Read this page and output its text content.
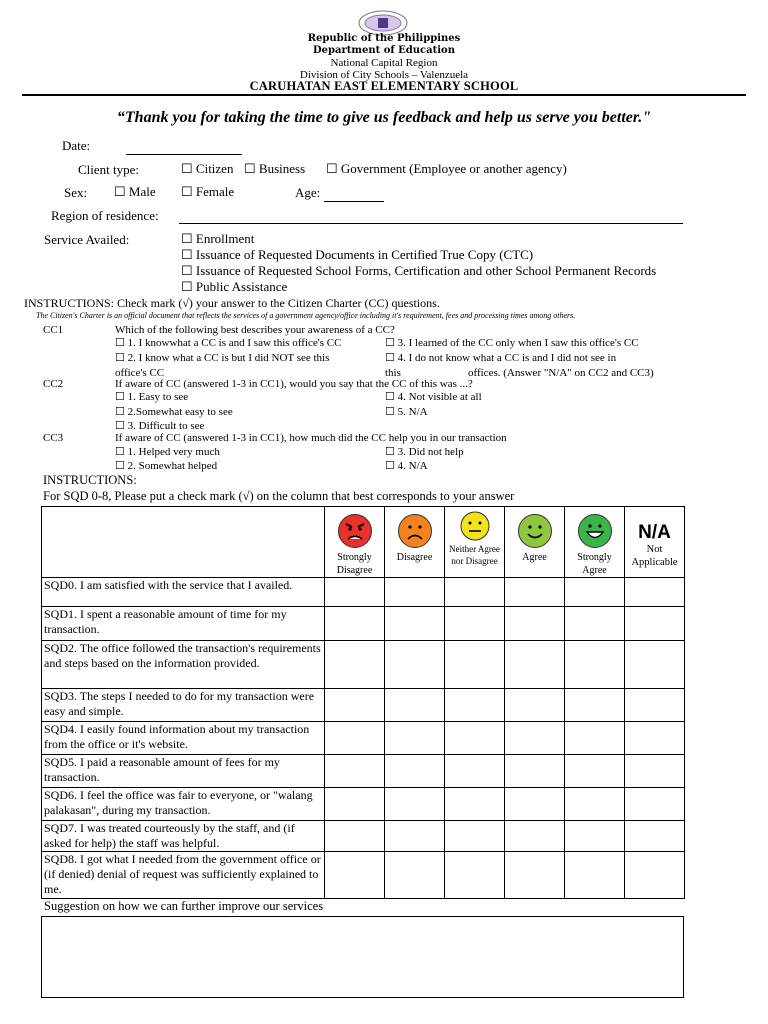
Republic of the Philippines
Department of Education
National Capital Region
Division of City Schools – Valenzuela
CARUHATAN EAST ELEMENTARY SCHOOL
“Thank you for taking the time to give us feedback and help us serve you better."
Date:
Client type:	☐ Citizen ☐ Business ☐ Government (Employee or another agency)
Sex: ☐ Male ☐ Female	Age:
Region of residence:
Service Availed:	☐ Enrollment
☐ Issuance of Requested Documents in Certified True Copy (CTC)
☐ Issuance of Requested School Forms, Certification and other School Permanent Records
☐ Public Assistance
INSTRUCTIONS: Check mark (√) your answer to the Citizen Charter (CC) questions.
The Citizen's Charter is an official document that reflects the services of a government agency/office including it's requirement, fees and processing times among others.
CC1	Which of the following best describes your awareness of a CC?
☐ 1. I knowwhat a CC is and I saw this office's CC	☐ 3. I learned of the CC only when I saw this office's CC
☐ 2. I know what a CC is but I did NOT see this	☐ 4. I do not know what a CC is and I did not see in
office's CC	this	offices. (Answer "N/A" on CC2 and CC3)
CC2	If aware of CC (answered 1-3 in CC1), would you say that the CC of this was ...?
☐ 1. Easy to see	☐ 4. Not visible at all
☐ 2.Somewhat easy to see	☐ 5. N/A
☐ 3. Difficult to see
CC3	If aware of CC (answered 1-3 in CC1), how much did the CC help you in our transaction
☐ 1. Helped very much	☐ 3. Did not help
☐ 2. Somewhat helped	☐ 4. N/A
INSTRUCTIONS:
For SQD 0-8, Please put a check mark (√) on the column that best corresponds to your answer

	Strongly Disagree	Disagree	Neither Agree nor Disagree	Agree	Strongly Agree	N/A
Not Applicable

SQD0. I am satisfied with the service that I availed.						
SQD1. I spent a reasonable amount of time for my transaction.						
SQD2. The office followed the transaction's requirements and steps based on the information provided.						
SQD3. The steps I needed to do for my transaction were easy and simple.						
SQD4. I easily found information about my transaction from the office or it's website.						
SQD5. I paid a reasonable amount of fees for my transaction.						
SQD6. I feel the office was fair to everyone, or "walang palakasan", during my transaction.						
SQD7. I was treated courteously by the staff, and (if asked for help) the staff was helpful.						
SQD8. I got what I needed from the government office or (if denied) denial of request was sufficiently explained to me.						
Suggestion on how we can further improve our services
